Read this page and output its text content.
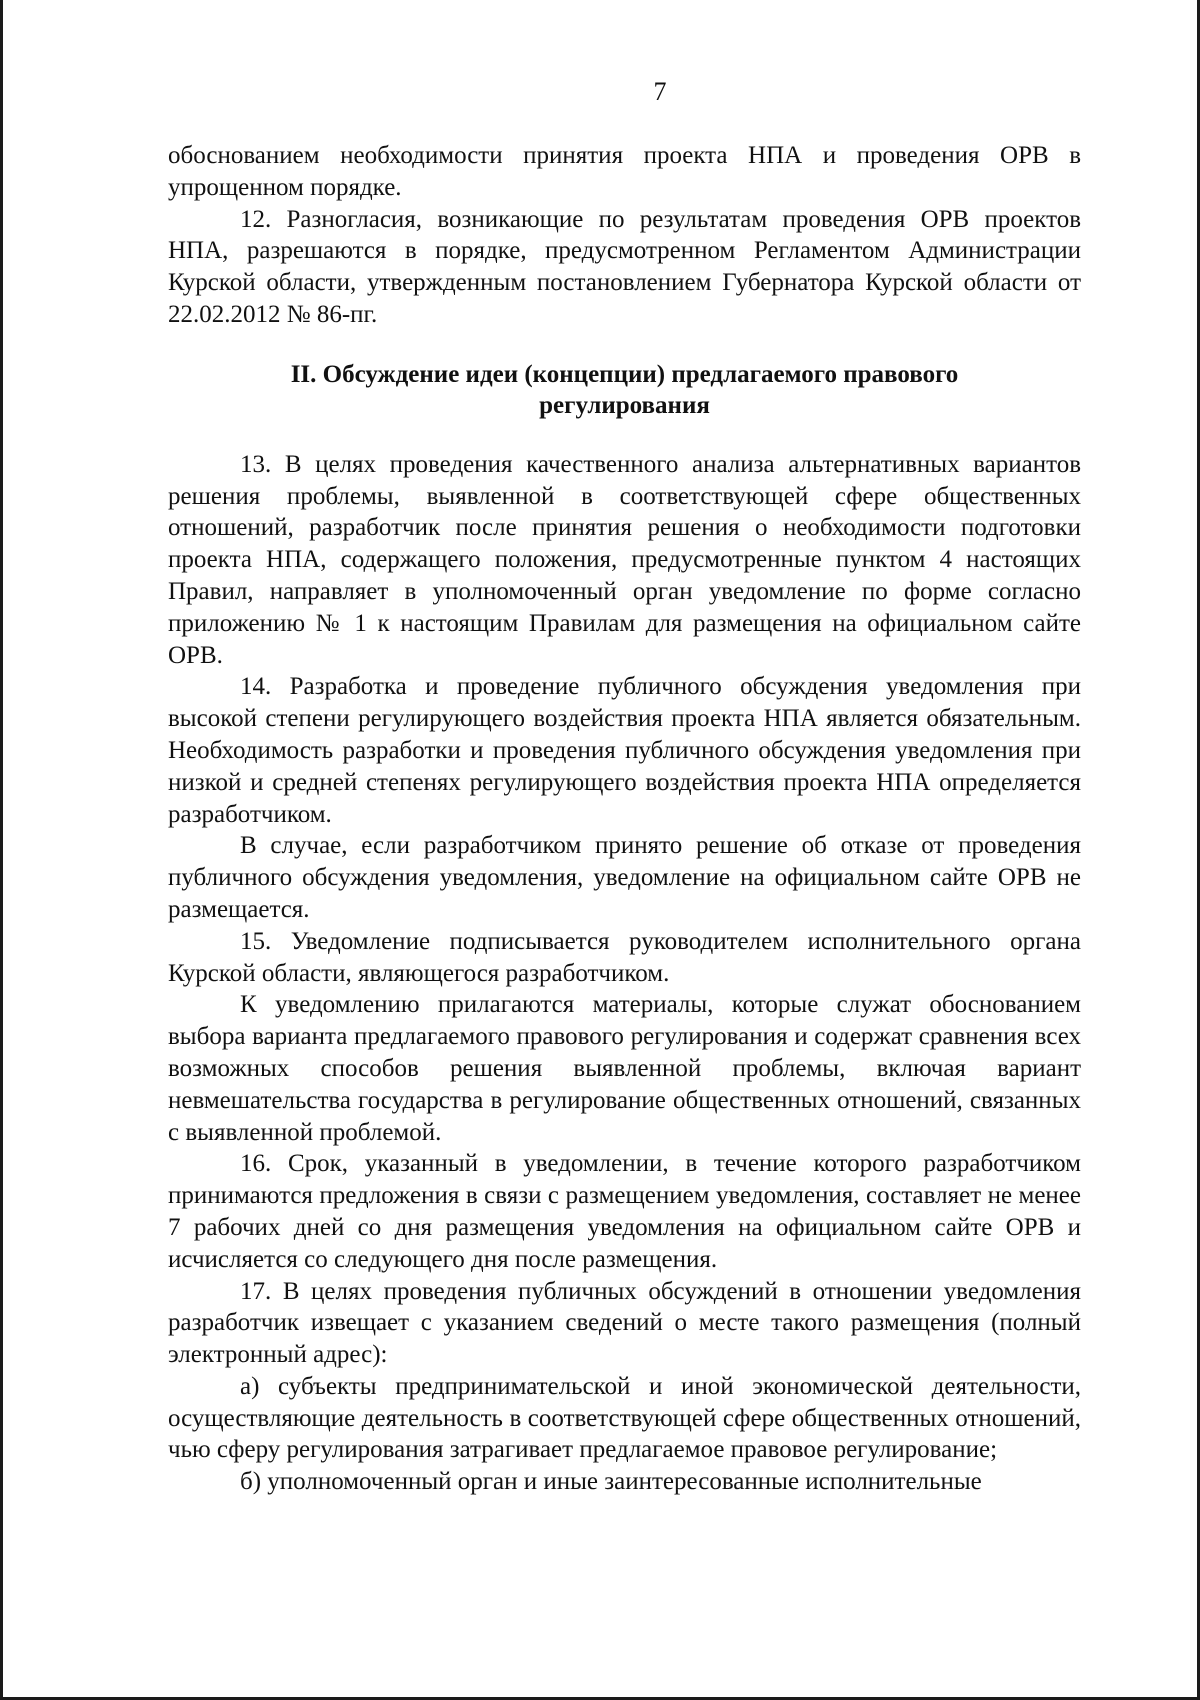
7

обоснованием необходимости принятия проекта НПА и проведения ОРВ в упрощенном порядке.

12. Разногласия, возникающие по результатам проведения ОРВ проектов НПА, разрешаются в порядке, предусмотренном Регламентом Администрации Курской области, утвержденным постановлением Губернатора Курской области от 22.02.2012 № 86-пг.

II. Обсуждение идеи (концепции) предлагаемого правового регулирования

13. В целях проведения качественного анализа альтернативных вариантов решения проблемы, выявленной в соответствующей сфере общественных отношений, разработчик после принятия решения о необходимости подготовки проекта НПА, содержащего положения, предусмотренные пунктом 4 настоящих Правил, направляет в уполномоченный орган уведомление по форме согласно приложению № 1 к настоящим Правилам для размещения на официальном сайте ОРВ.

14. Разработка и проведение публичного обсуждения уведомления при высокой степени регулирующего воздействия проекта НПА является обязательным. Необходимость разработки и проведения публичного обсуждения уведомления при низкой и средней степенях регулирующего воздействия проекта НПА определяется разработчиком.

В случае, если разработчиком принято решение об отказе от проведения публичного обсуждения уведомления, уведомление на официальном сайте ОРВ не размещается.

15. Уведомление подписывается руководителем исполнительного органа Курской области, являющегося разработчиком.

К уведомлению прилагаются материалы, которые служат обоснованием выбора варианта предлагаемого правового регулирования и содержат сравнения всех возможных способов решения выявленной проблемы, включая вариант невмешательства государства в регулирование общественных отношений, связанных с выявленной проблемой.

16. Срок, указанный в уведомлении, в течение которого разработчиком принимаются предложения в связи с размещением уведомления, составляет не менее 7 рабочих дней со дня размещения уведомления на официальном сайте ОРВ и исчисляется со следующего дня после размещения.

17. В целях проведения публичных обсуждений в отношении уведомления разработчик извещает с указанием сведений о месте такого размещения (полный электронный адрес):

а) субъекты предпринимательской и иной экономической деятельности, осуществляющие деятельность в соответствующей сфере общественных отношений, чью сферу регулирования затрагивает предлагаемое правовое регулирование;

б) уполномоченный орган и иные заинтересованные исполнительные
